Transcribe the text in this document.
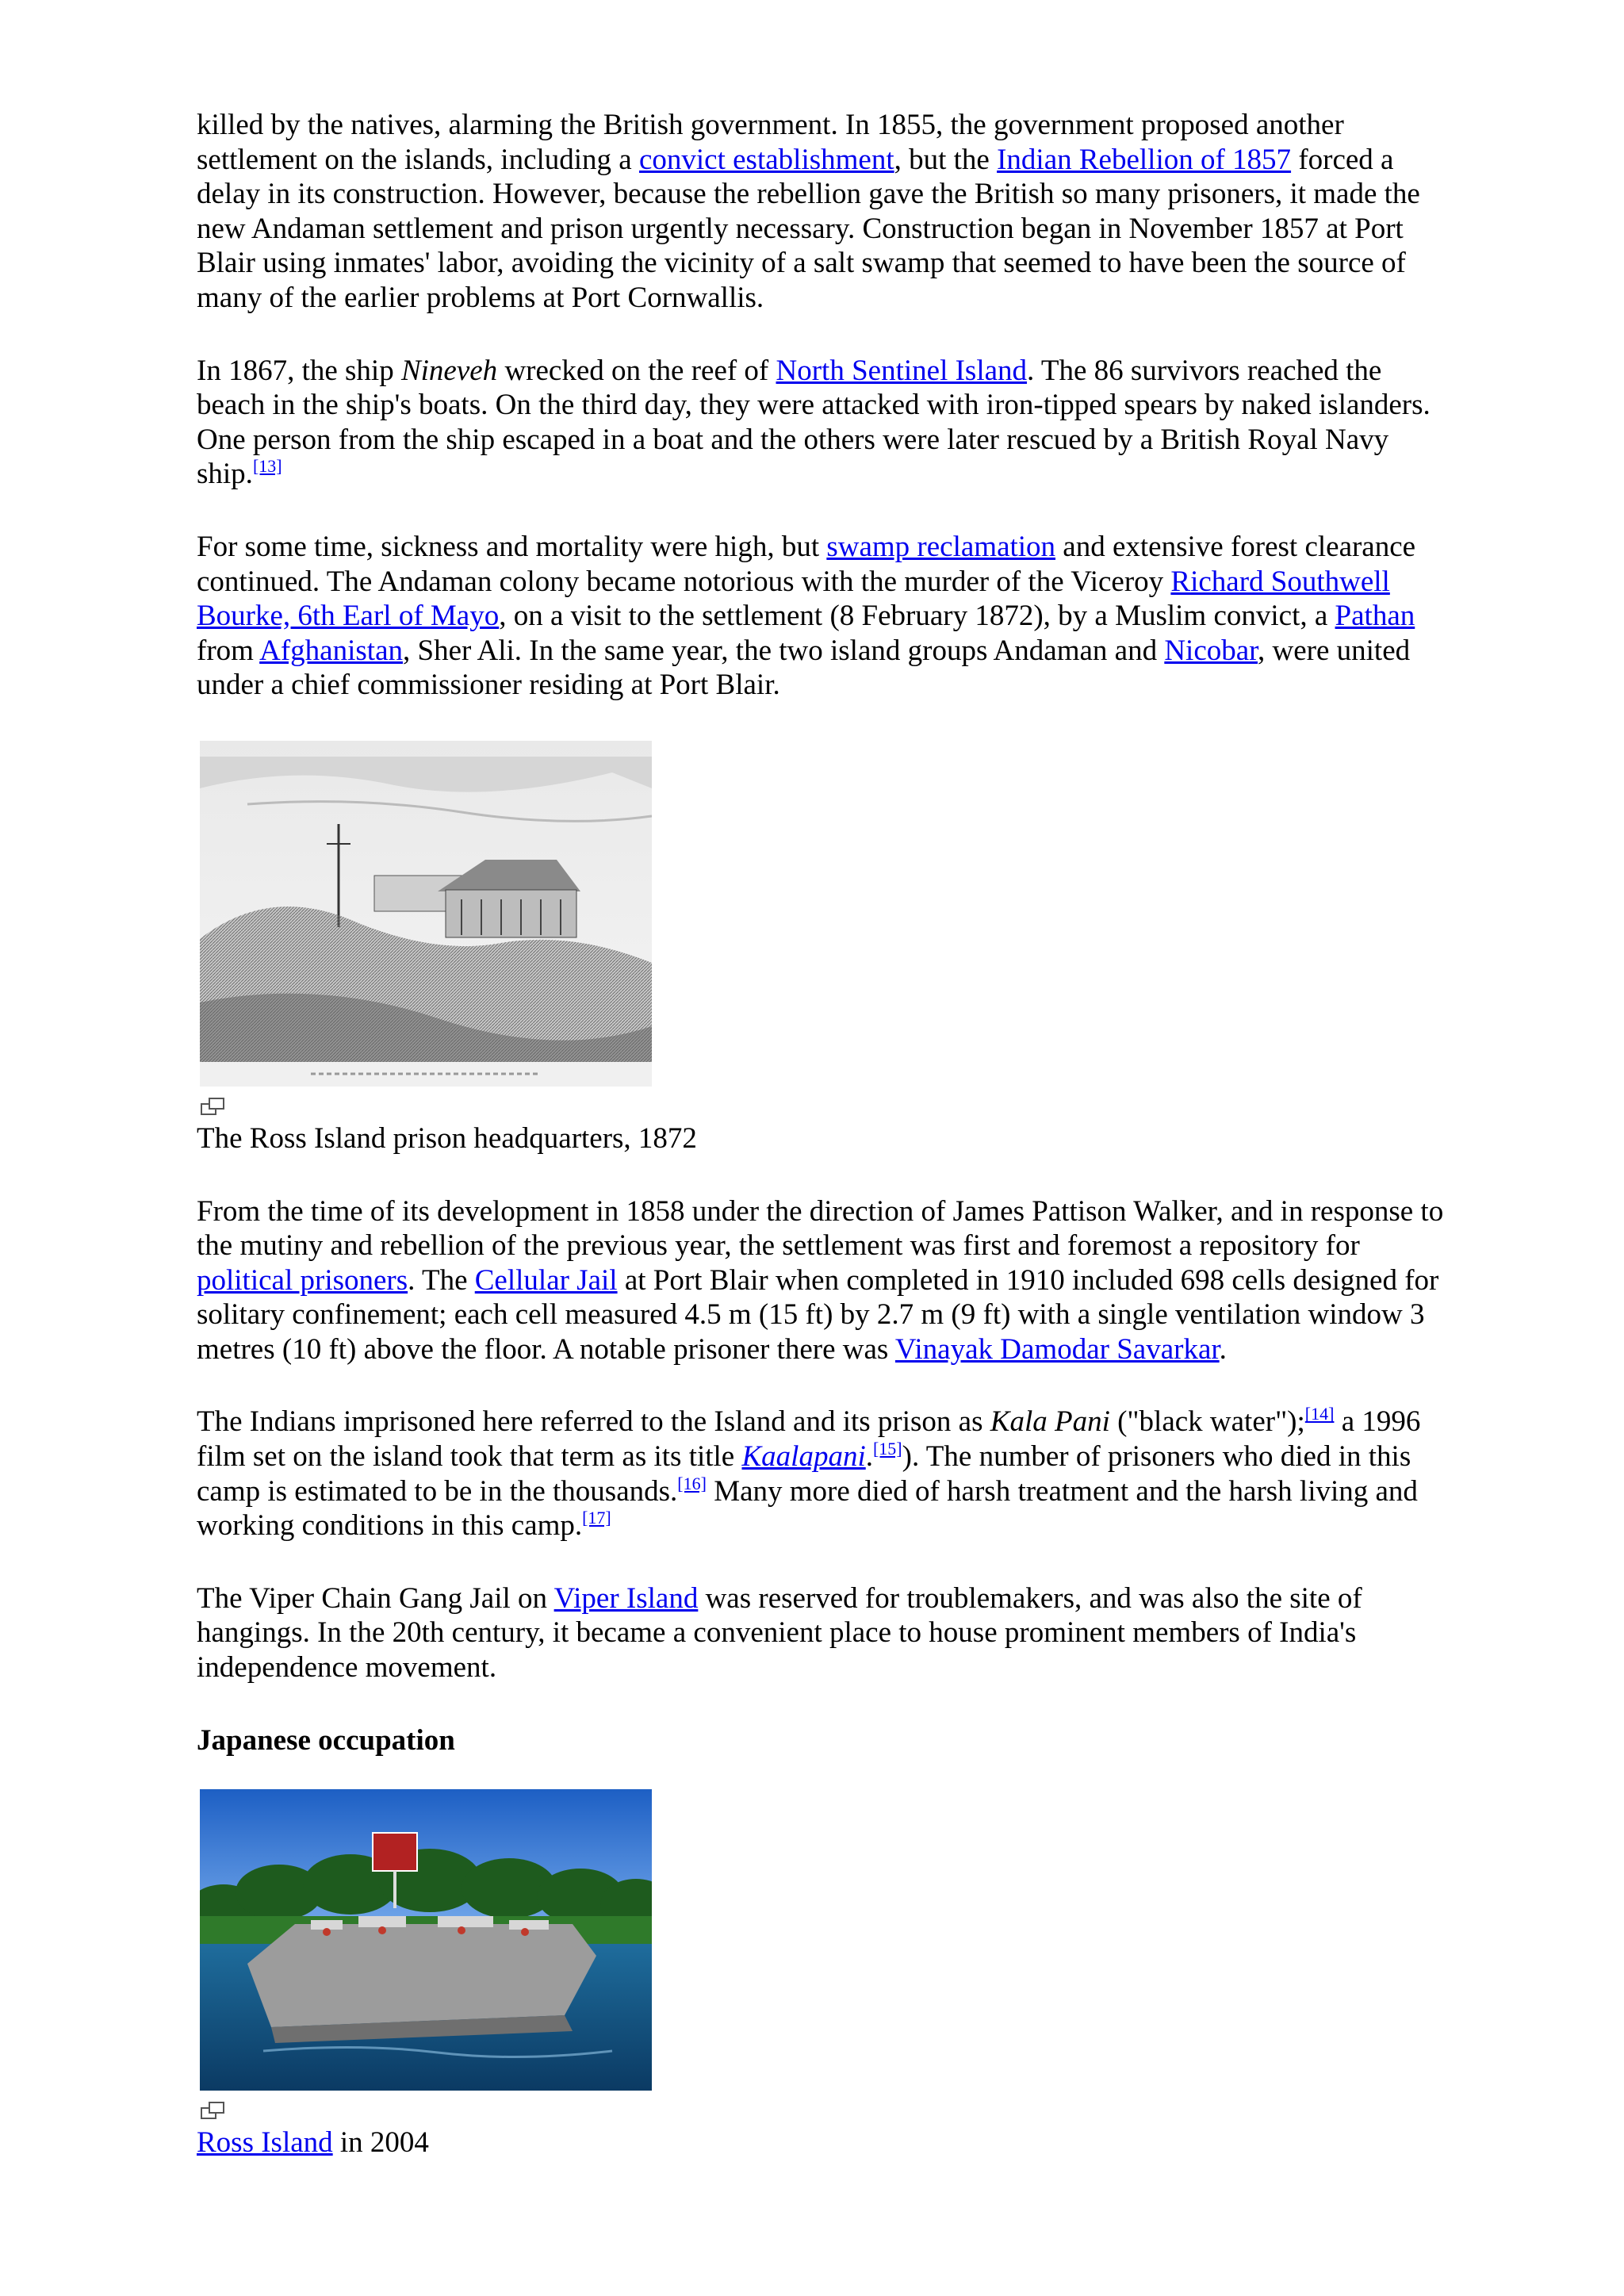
killed by the natives, alarming the British government. In 1855, the government proposed another settlement on the islands, including a convict establishment, but the Indian Rebellion of 1857 forced a delay in its construction. However, because the rebellion gave the British so many prisoners, it made the new Andaman settlement and prison urgently necessary. Construction began in November 1857 at Port Blair using inmates' labor, avoiding the vicinity of a salt swamp that seemed to have been the source of many of the earlier problems at Port Cornwallis.

In 1867, the ship Nineveh wrecked on the reef of North Sentinel Island. The 86 survivors reached the beach in the ship's boats. On the third day, they were attacked with iron-tipped spears by naked islanders. One person from the ship escaped in a boat and the others were later rescued by a British Royal Navy ship.[13]

For some time, sickness and mortality were high, but swamp reclamation and extensive forest clearance continued. The Andaman colony became notorious with the murder of the Viceroy Richard Southwell Bourke, 6th Earl of Mayo, on a visit to the settlement (8 February 1872), by a Muslim convict, a Pathan from Afghanistan, Sher Ali. In the same year, the two island groups Andaman and Nicobar, were united under a chief commissioner residing at Port Blair.

The Ross Island prison headquarters, 1872

From the time of its development in 1858 under the direction of James Pattison Walker, and in response to the mutiny and rebellion of the previous year, the settlement was first and foremost a repository for political prisoners. The Cellular Jail at Port Blair when completed in 1910 included 698 cells designed for solitary confinement; each cell measured 4.5 m (15 ft) by 2.7 m (9 ft) with a single ventilation window 3 metres (10 ft) above the floor. A notable prisoner there was Vinayak Damodar Savarkar.

The Indians imprisoned here referred to the Island and its prison as Kala Pani ("black water");[14] a 1996 film set on the island took that term as its title Kaalapani.[15]). The number of prisoners who died in this camp is estimated to be in the thousands.[16] Many more died of harsh treatment and the harsh living and working conditions in this camp.[17]

The Viper Chain Gang Jail on Viper Island was reserved for troublemakers, and was also the site of hangings. In the 20th century, it became a convenient place to house prominent members of India's independence movement.

Japanese occupation
Ross Island in 2004
